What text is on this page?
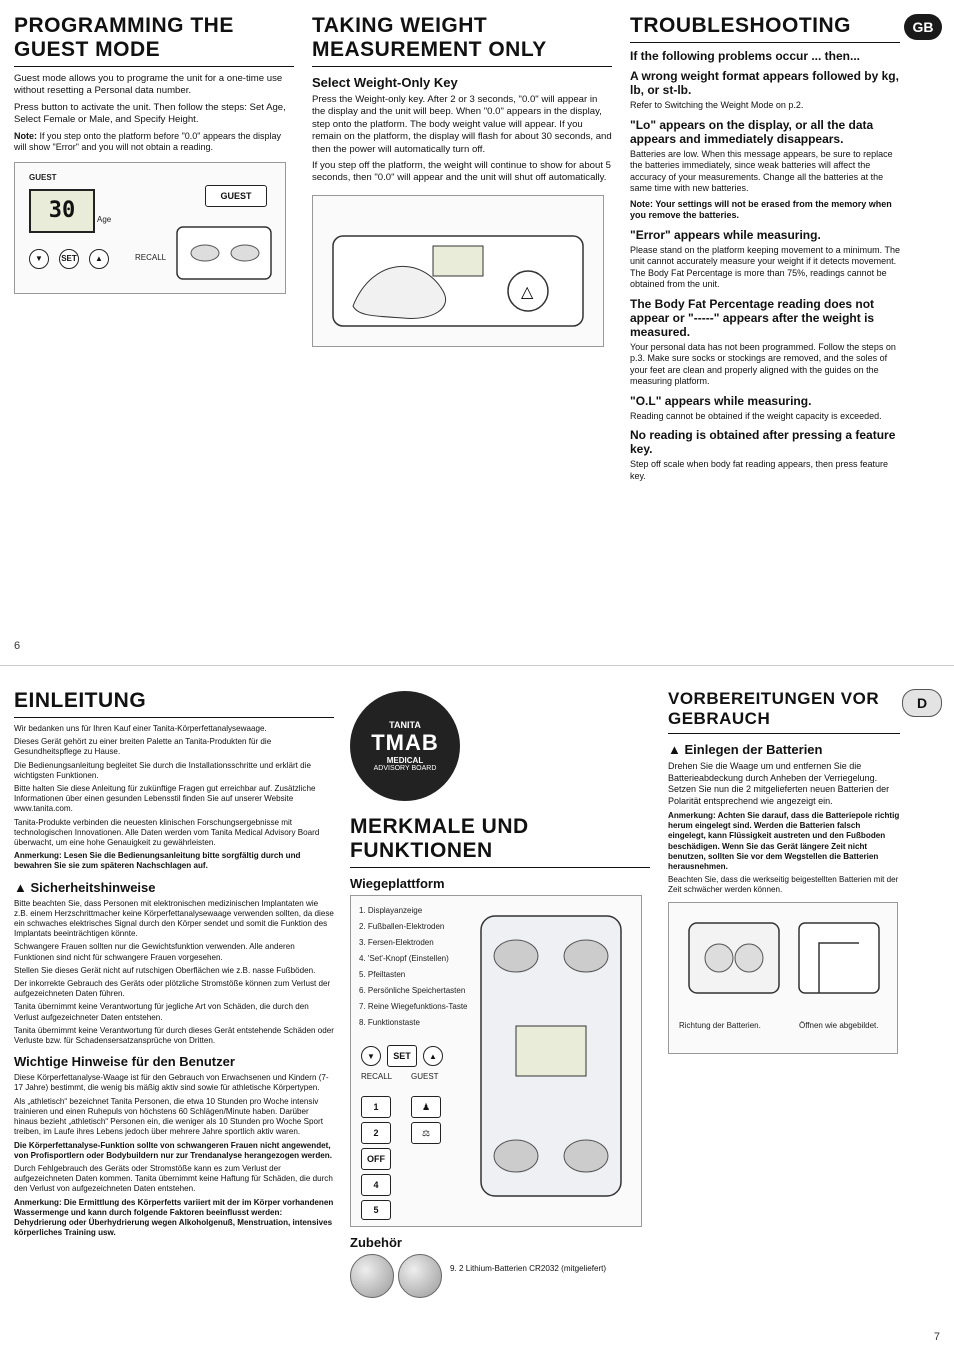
GB
6
PROGRAMMING THE GUEST MODE

Guest mode allows you to programe the unit for a one-time use without resetting a Personal data number.

Press button to activate the unit. Then follow the steps: Set Age, Select Female or Male, and Specify Height.

Note: If you step onto the platform before "0.0" appears the display will show "Error" and you will not obtain a reading.

GUEST
30	Age
▼	SET	▲	RECALL
GUEST
TAKING WEIGHT MEASUREMENT ONLY
Select Weight-Only Key

Press the Weight-only key. After 2 or 3 seconds, "0.0" will appear in the display and the unit will beep. When "0.0" appears in the display, step onto the platform. The body weight value will appear. If you remain on the platform, the display will flash for about 30 seconds, and then the power will automatically turn off.

If you step off the platform, the weight will continue to show for about 5 seconds, then "0.0" will appear and the unit will shut off automatically.

△
TROUBLESHOOTING
If the following problems occur ... then...
A wrong weight format appears followed by kg, lb, or st-lb.

Refer to Switching the Weight Mode on p.2.

"Lo" appears on the display, or all the data appears and immediately disappears.

Batteries are low. When this message appears, be sure to replace the batteries immediately, since weak batteries will affect the accuracy of your measurements. Change all the batteries at the same time with new batteries.

Note: Your settings will not be erased from the memory when you remove the batteries.

"Error" appears while measuring.

Please stand on the platform keeping movement to a minimum. The unit cannot accurately measure your weight if it detects movement. The Body Fat Percentage is more than 75%, readings cannot be obtained from the unit.

The Body Fat Percentage reading does not appear or "-----" appears after the weight is measured.

Your personal data has not been programmed. Follow the steps on p.3. Make sure socks or stockings are removed, and the soles of your feet are clean and properly aligned with the guides on the measuring platform.

"O.L" appears while measuring.

Reading cannot be obtained if the weight capacity is exceeded.

No reading is obtained after pressing a feature key.

Step off scale when body fat reading appears, then press feature key.

D
7
EINLEITUNG

Wir bedanken uns für Ihren Kauf einer Tanita-Körperfettanalysewaage.

Dieses Gerät gehört zu einer breiten Palette an Tanita-Produkten für die Gesundheitspflege zu Hause.

Die Bedienungsanleitung begleitet Sie durch die Installationsschritte und erklärt die wichtigsten Funktionen.

Bitte halten Sie diese Anleitung für zukünftige Fragen gut erreichbar auf. Zusätzliche Informationen über einen gesunden Lebensstil finden Sie auf unserer Website www.tanita.com.

Tanita-Produkte verbinden die neuesten klinischen Forschungsergebnisse mit technologischen Innovationen. Alle Daten werden vom Tanita Medical Advisory Board überwacht, um eine hohe Genauigkeit zu gewährleisten.

Anmerkung: Lesen Sie die Bedienungsanleitung bitte sorgfältig durch und bewahren Sie sie zum späteren Nachschlagen auf.

▲ Sicherheitshinweise

Bitte beachten Sie, dass Personen mit elektronischen medizinischen Implantaten wie z.B. einem Herzschrittmacher keine Körperfettanalysewaage verwenden sollten, da diese ein schwaches elektrisches Signal durch den Körper sendet und somit die Funktion des Implantats beeinträchtigen könnte.

Schwangere Frauen sollten nur die Gewichtsfunktion verwenden. Alle anderen Funktionen sind nicht für schwangere Frauen vorgesehen.

Stellen Sie dieses Gerät nicht auf rutschigen Oberflächen wie z.B. nasse Fußböden.

Der inkorrekte Gebrauch des Geräts oder plötzliche Stromstöße können zum Verlust der aufgezeichneten Daten führen.

Tanita übernimmt keine Verantwortung für jegliche Art von Schäden, die durch den Verlust aufgezeichneter Daten entstehen.

Tanita übernimmt keine Verantwortung für durch dieses Gerät entstehende Schäden oder Verluste bzw. für Schadensersatzansprüche von Dritten.

Wichtige Hinweise für den Benutzer

Diese Körperfettanalyse-Waage ist für den Gebrauch von Erwachsenen und Kindern (7-17 Jahre) bestimmt, die wenig bis mäßig aktiv sind sowie für athletische Körpertypen.

Als „athletisch“ bezeichnet Tanita Personen, die etwa 10 Stunden pro Woche intensiv trainieren und einen Ruhepuls von höchstens 60 Schlägen/Minute haben. Darüber hinaus bezieht „athletisch“ Personen ein, die weniger als 10 Stunden pro Woche Sport treiben, im Laufe ihres Lebens jedoch über mehrere Jahre sportlich aktiv waren.

Die Körperfettanalyse-Funktion sollte von schwangeren Frauen nicht angewendet, von Profisportlern oder Bodybuildern nur zur Trendanalyse herangezogen werden.

Durch Fehlgebrauch des Geräts oder Stromstöße kann es zum Verlust der aufgezeichneten Daten kommen. Tanita übernimmt keine Haftung für Schäden, die durch den Verlust von aufgezeichneten Daten entstehen.

Anmerkung: Die Ermittlung des Körperfetts variiert mit der im Körper vorhandenen Wassermenge und kann durch folgende Faktoren beeinflusst werden: Dehydrierung oder Überhydrierung wegen Alkoholgenuß, Menstruation, intensives körperliches Training usw.

TANITA
TMAB
MEDICAL
ADVISORY BOARD
MERKMALE UND FUNKTIONEN
Wiegeplattform
1. Displayanzeige
2. Fußballen-Elektroden
3. Fersen-Elektroden
4. 'Set'-Knopf (Einstellen)
5. Pfeiltasten
6. Persönliche Speichertasten
7. Reine Wiegefunktions-Taste
8. Funktionstaste
▼	SET	▲
RECALL GUEST
1
2
OFF
4
5
♟
⚖
Zubehör

9. 2 Lithium-Batterien CR2032 (mitgeliefert)

VORBEREITUNGEN VOR GEBRAUCH
▲ Einlegen der Batterien

Drehen Sie die Waage um und entfernen Sie die Batterieabdeckung durch Anheben der Verriegelung. Setzen Sie nun die 2 mitgelieferten neuen Batterien der Polarität entsprechend wie angezeigt ein.

Anmerkung: Achten Sie darauf, dass die Batteriepole richtig herum eingelegt sind. Werden die Batterien falsch eingelegt, kann Flüssigkeit austreten und den Fußboden beschädigen. Wenn Sie das Gerät längere Zeit nicht benutzen, sollten Sie vor dem Wegstellen die Batterien herausnehmen.

Beachten Sie, dass die werkseitig beigestellten Batterien mit der Zeit schwächer werden können.

Richtung der Batterien.	Öffnen wie abgebildet.
